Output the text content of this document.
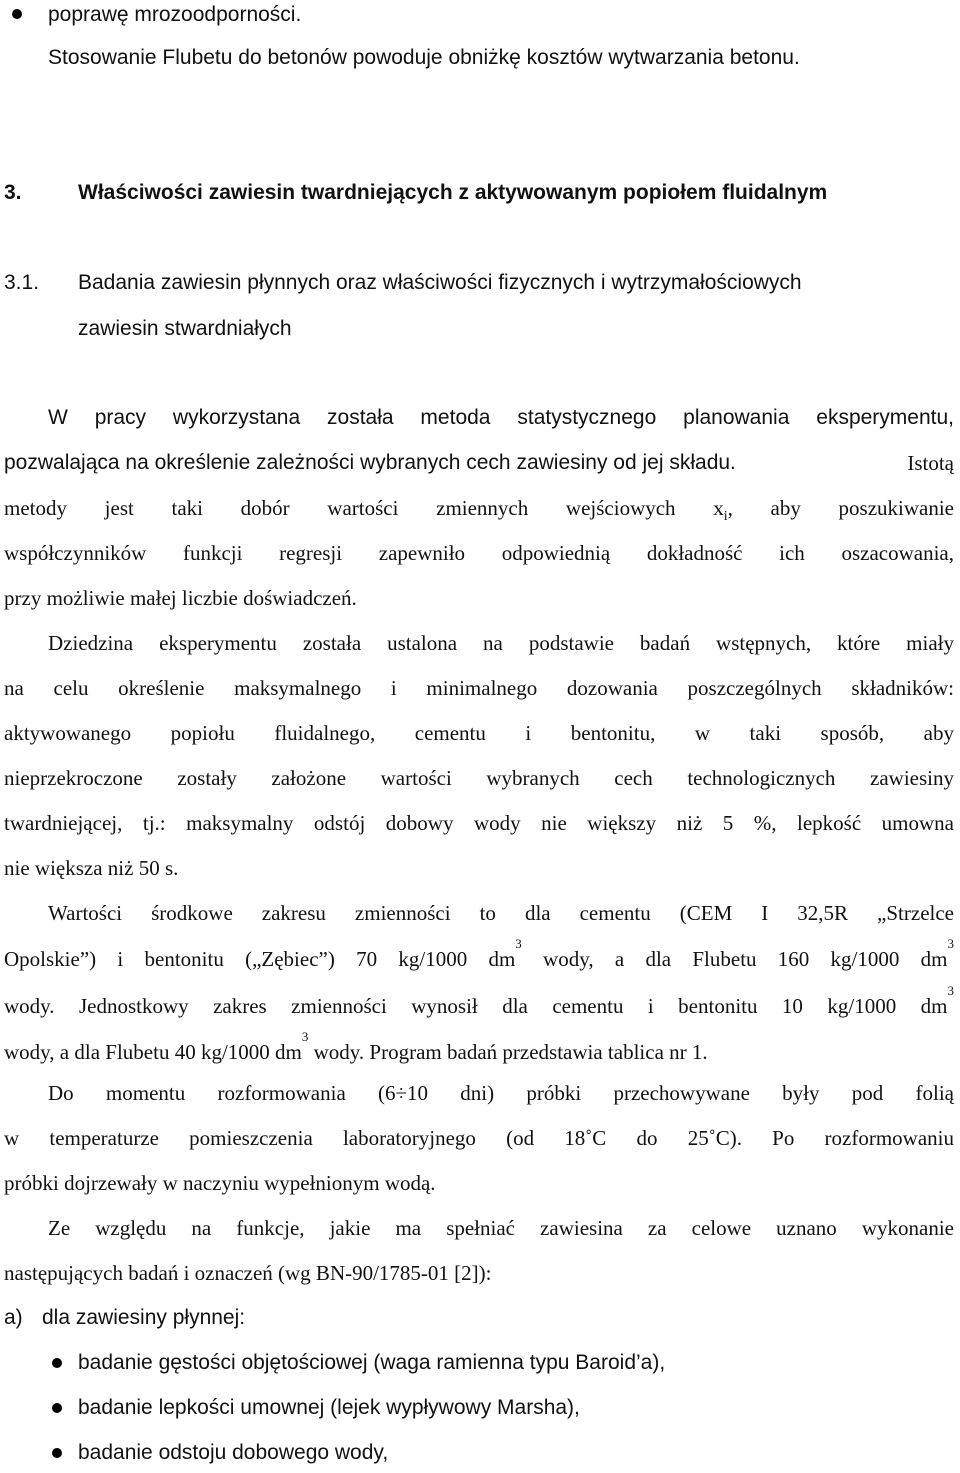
poprawę mrozoodporności.
Stosowanie Flubetu do betonów powoduje obniżkę kosztów wytwarzania betonu.
3.	Właściwości zawiesin twardniejących z aktywowanym popiołem fluidalnym
3.1. Badania zawiesin płynnych oraz właściwości fizycznych i wytrzymałościowych
zawiesin stwardniałych
W pracy wykorzystana została metoda statystycznego planowania eksperymentu,
pozwalająca na określenie zależności wybranych cech zawiesiny od jej składu.	Istotą
metody jest taki dobór wartości zmiennych wejściowych $x_i$, aby poszukiwanie
współczynników funkcji regresji zapewniło odpowiednią dokładność ich oszacowania,
przy możliwie małej liczbie doświadczeń.
Dziedzina eksperymentu została ustalona na podstawie badań wstępnych, które miały
na celu określenie maksymalnego i minimalnego dozowania poszczególnych składników:
aktywowanego popiołu fluidalnego, cementu i bentonitu, w taki sposób, aby
nieprzekroczone zostały założone wartości wybranych cech technologicznych zawiesiny
twardniejącej, tj.: maksymalny odstój dobowy wody nie większy niż 5 %, lepkość umowna
nie większa niż 50 s.
Wartości środkowe zakresu zmienności to dla cementu (CEM I 32,5R „Strzelce
Opolskie”) i bentonitu („Zębiec”) 70 kg/1000 $dm^3$ wody, a dla Flubetu 160 kg/1000 $dm^3$
wody. Jednostkowy zakres zmienności wynosił dla cementu i bentonitu 10 kg/1000 $dm^3$
wody, a dla Flubetu 40 kg/1000 $dm^3$ wody. Program badań przedstawia tablica nr 1.
Do momentu rozformowania (6÷10 dni) próbki przechowywane były pod folią
w temperaturze pomieszczenia laboratoryjnego (od 18˚C do 25˚C). Po rozformowaniu
próbki dojrzewały w naczyniu wypełnionym wodą.
Ze względu na funkcje, jakie ma spełniać zawiesina za celowe uznano wykonanie
następujących badań i oznaczeń (wg BN-90/1785-01 [2]):
a) dla zawiesiny płynnej:
badanie gęstości objętościowej (waga ramienna typu Baroid’a),
badanie lepkości umownej (lejek wypływowy Marsha),
badanie odstoju dobowego wody,
